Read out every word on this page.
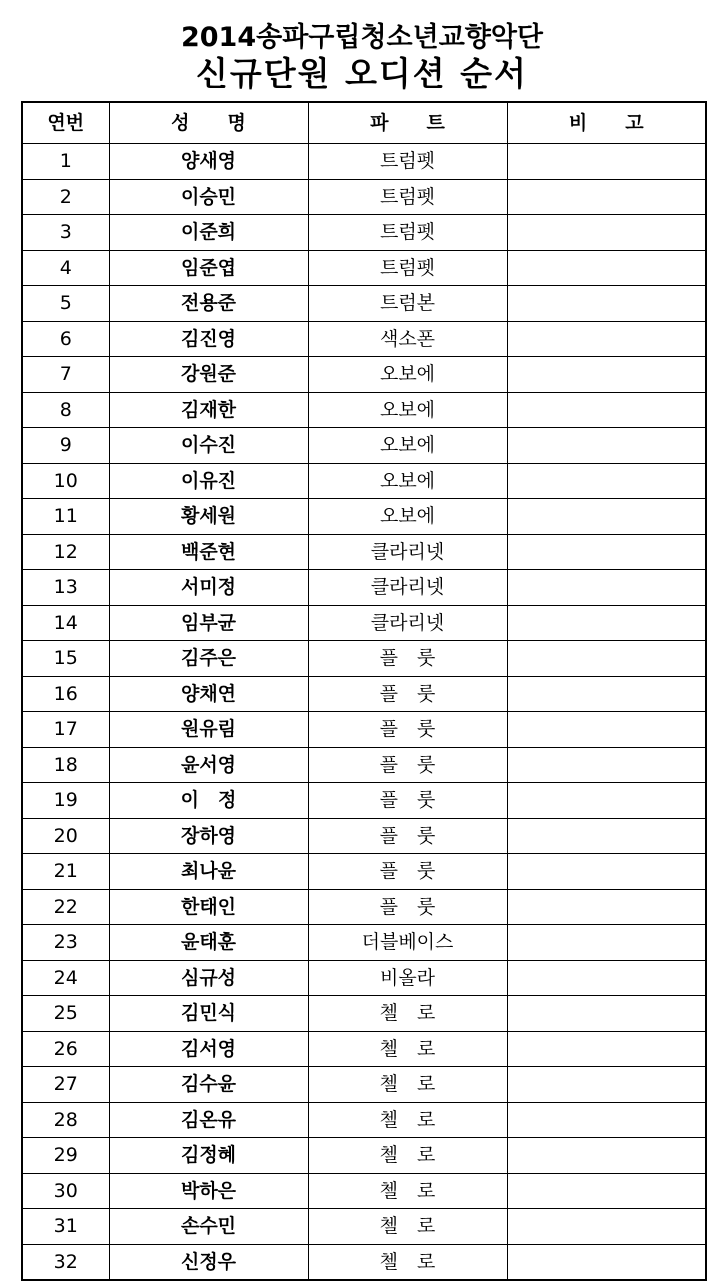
2014송파구립청소년교향악단
신규단원 오디션 순서
연번	성　　명	파　　트	비　　고
1	양새영	트럼펫	
2	이승민	트럼펫	
3	이준희	트럼펫	
4	임준엽	트럼펫	
5	전용준	트럼본	
6	김진영	색소폰	
7	강원준	오보에	
8	김재한	오보에	
9	이수진	오보에	
10	이유진	오보에	
11	황세원	오보에	
12	백준현	클라리넷	
13	서미정	클라리넷	
14	임부균	클라리넷	
15	김주은	플　룻	
16	양채연	플　룻	
17	원유림	플　룻	
18	윤서영	플　룻	
19	이　정	플　룻	
20	장하영	플　룻	
21	최나윤	플　룻	
22	한태인	플　룻	
23	윤태훈	더블베이스	
24	심규성	비올라	
25	김민식	첼　로	
26	김서영	첼　로	
27	김수윤	첼　로	
28	김온유	첼　로	
29	김정혜	첼　로	
30	박하은	첼　로	
31	손수민	첼　로	
32	신정우	첼　로	
